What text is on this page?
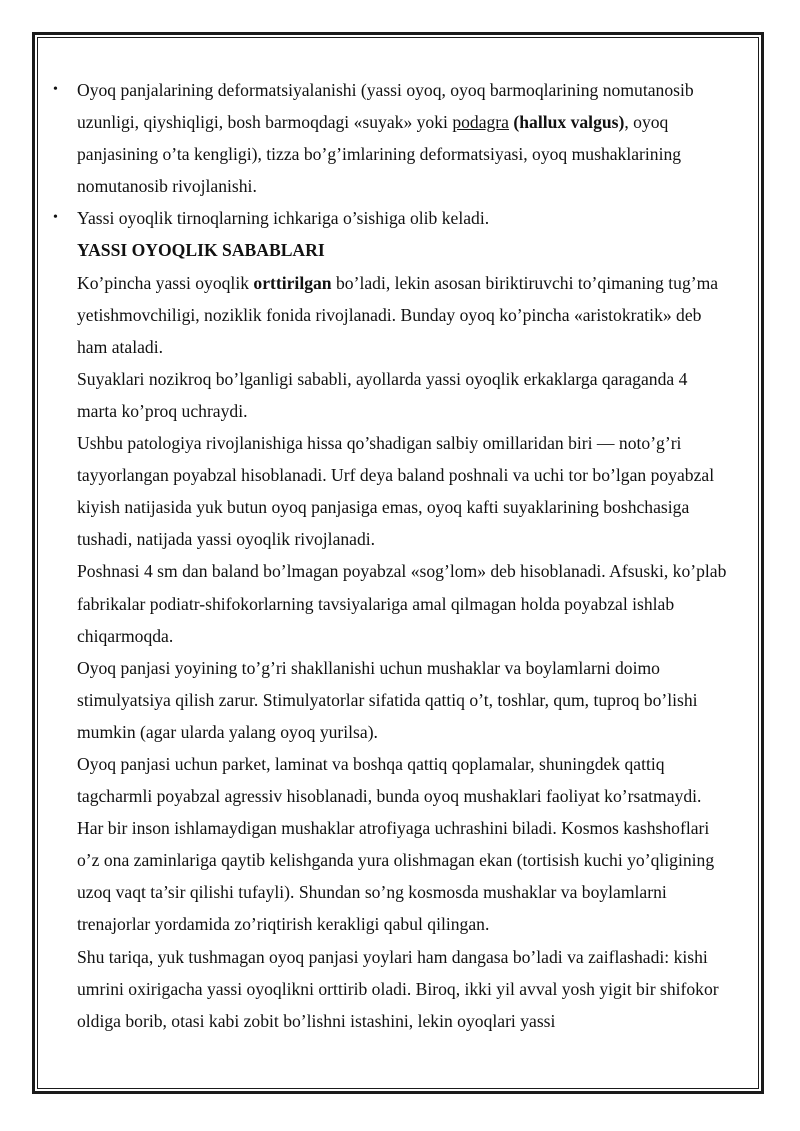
• Oyoq panjalarining deformatsiyalanishi (yassi oyoq, oyoq barmoqlarining nomutanosib uzunligi, qiyshiqligi, bosh barmoqdagi «suyak» yoki podagra (hallux valgus), oyoq panjasining o’ta kengligi), tizza bo’g’imlarining deformatsiyasi, oyoq mushaklarining nomutanosib rivojlanishi.

• Yassi oyoqlik tirnoqlarning ichkariga o’sishiga olib keladi.

YASSI OYOQLIK SABABLARI

Ko’pincha yassi oyoqlik orttirilgan bo’ladi, lekin asosan biriktiruvchi to’qimaning tug’ma yetishmovchiligi, noziklik fonida rivojlanadi. Bunday oyoq ko’pincha «aristokratik» deb ham ataladi.

Suyaklari nozikroq bo’lganligi sababli, ayollarda yassi oyoqlik erkaklarga qaraganda 4 marta ko’proq uchraydi.

Ushbu patologiya rivojlanishiga hissa qo’shadigan salbiy omillaridan biri — noto’g’ri tayyorlangan poyabzal hisoblanadi. Urf deya baland poshnali va uchi tor bo’lgan poyabzal kiyish natijasida yuk butun oyoq panjasiga emas, oyoq kafti suyaklarining boshchasiga tushadi, natijada yassi oyoqlik rivojlanadi.

Poshnasi 4 sm dan baland bo’lmagan poyabzal «sog’lom» deb hisoblanadi. Afsuski, ko’plab fabrikalar podiatr-shifokorlarning tavsiyalariga amal qilmagan holda poyabzal ishlab chiqarmoqda.

Oyoq panjasi yoyining to’g’ri shakllanishi uchun mushaklar va boylamlarni doimo stimulyatsiya qilish zarur. Stimulyatorlar sifatida qattiq o’t, toshlar, qum, tuproq bo’lishi mumkin (agar ularda yalang oyoq yurilsa).

Oyoq panjasi uchun parket, laminat va boshqa qattiq qoplamalar, shuningdek qattiq tagcharmli poyabzal agressiv hisoblanadi, bunda oyoq mushaklari faoliyat ko’rsatmaydi. Har bir inson ishlamaydigan mushaklar atrofiyaga uchrashini biladi. Kosmos kashshoflari o’z ona zaminlariga qaytib kelishganda yura olishmagan ekan (tortisish kuchi yo’qligining uzoq vaqt ta’sir qilishi tufayli). Shundan so’ng kosmosda mushaklar va boylamlarni trenajorlar yordamida zo’riqtirish kerakligi qabul qilingan.

Shu tariqa, yuk tushmagan oyoq panjasi yoylari ham dangasa bo’ladi va zaiflashadi: kishi umrini oxirigacha yassi oyoqlikni orttirib oladi. Biroq, ikki yil avval yosh yigit bir shifokor oldiga borib, otasi kabi zobit bo’lishni istashini, lekin oyoqlari yassi
